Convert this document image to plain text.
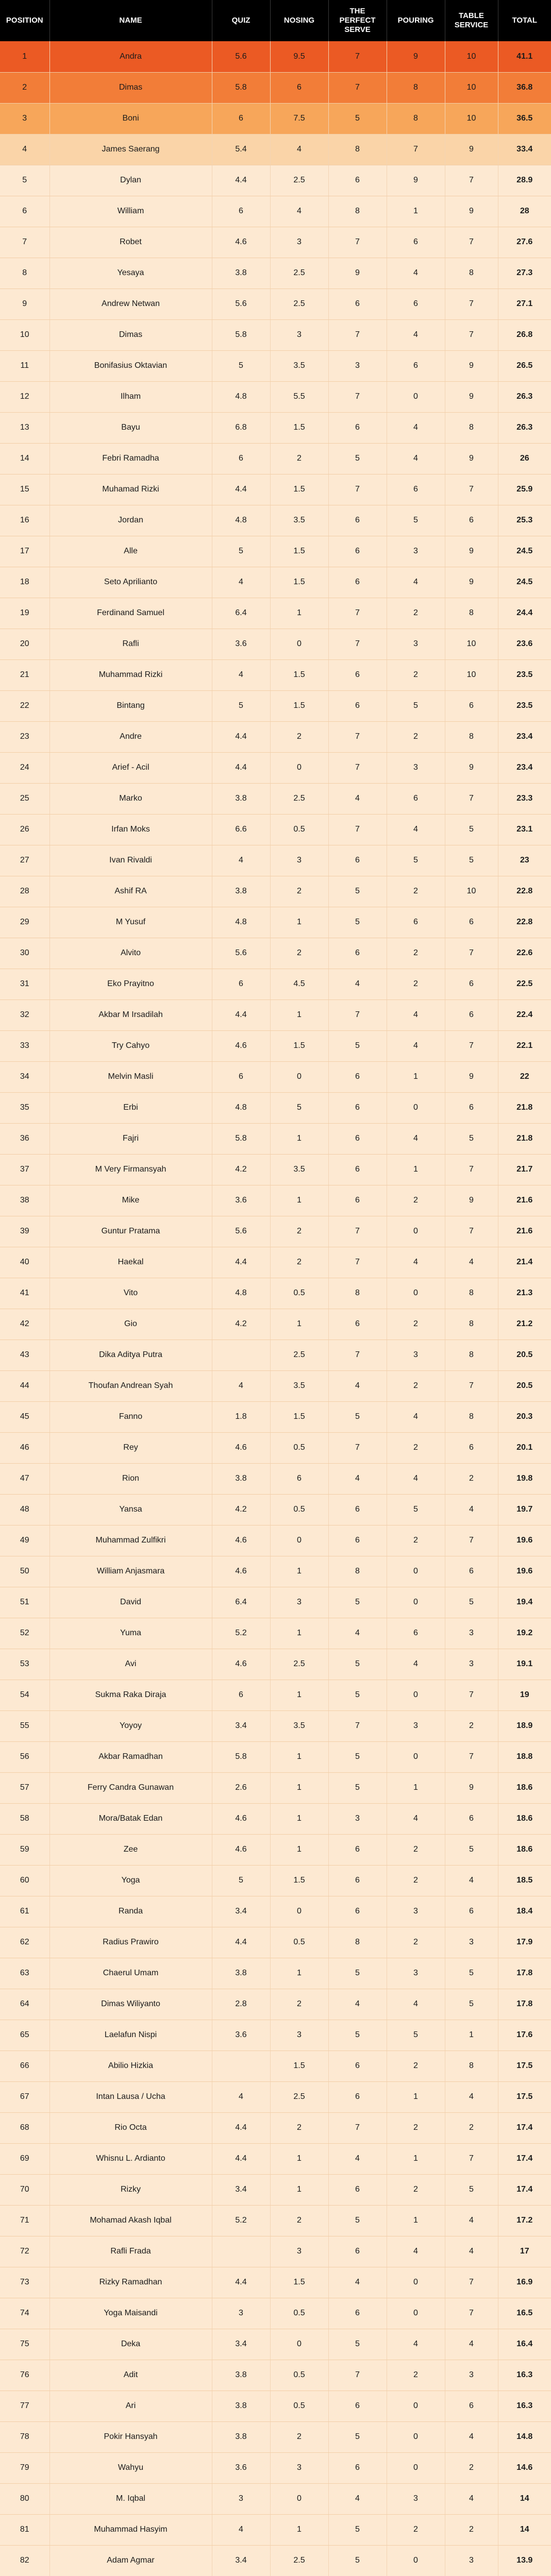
POSITION	NAME	QUIZ	NOSING	THE PERFECT SERVE	POURING	TABLE SERVICE	TOTAL
1	Andra	5.6	9.5	7	9	10	41.1
2	Dimas	5.8	6	7	8	10	36.8
3	Boni	6	7.5	5	8	10	36.5
4	James Saerang	5.4	4	8	7	9	33.4
5	Dylan	4.4	2.5	6	9	7	28.9
6	William	6	4	8	1	9	28
7	Robet	4.6	3	7	6	7	27.6
8	Yesaya	3.8	2.5	9	4	8	27.3
9	Andrew Netwan	5.6	2.5	6	6	7	27.1
10	Dimas	5.8	3	7	4	7	26.8
11	Bonifasius Oktavian	5	3.5	3	6	9	26.5
12	Ilham	4.8	5.5	7	0	9	26.3
13	Bayu	6.8	1.5	6	4	8	26.3
14	Febri Ramadha	6	2	5	4	9	26
15	Muhamad Rizki	4.4	1.5	7	6	7	25.9
16	Jordan	4.8	3.5	6	5	6	25.3
17	Alle	5	1.5	6	3	9	24.5
18	Seto Aprilianto	4	1.5	6	4	9	24.5
19	Ferdinand Samuel	6.4	1	7	2	8	24.4
20	Rafli	3.6	0	7	3	10	23.6
21	Muhammad Rizki	4	1.5	6	2	10	23.5
22	Bintang	5	1.5	6	5	6	23.5
23	Andre	4.4	2	7	2	8	23.4
24	Arief - Acil	4.4	0	7	3	9	23.4
25	Marko	3.8	2.5	4	6	7	23.3
26	Irfan Moks	6.6	0.5	7	4	5	23.1
27	Ivan Rivaldi	4	3	6	5	5	23
28	Ashif RA	3.8	2	5	2	10	22.8
29	M Yusuf	4.8	1	5	6	6	22.8
30	Alvito	5.6	2	6	2	7	22.6
31	Eko Prayitno	6	4.5	4	2	6	22.5
32	Akbar M Irsadilah	4.4	1	7	4	6	22.4
33	Try Cahyo	4.6	1.5	5	4	7	22.1
34	Melvin Masli	6	0	6	1	9	22
35	Erbi	4.8	5	6	0	6	21.8
36	Fajri	5.8	1	6	4	5	21.8
37	M Very Firmansyah	4.2	3.5	6	1	7	21.7
38	Mike	3.6	1	6	2	9	21.6
39	Guntur Pratama	5.6	2	7	0	7	21.6
40	Haekal	4.4	2	7	4	4	21.4
41	Vito	4.8	0.5	8	0	8	21.3
42	Gio	4.2	1	6	2	8	21.2
43	Dika Aditya Putra		2.5	7	3	8	20.5
44	Thoufan Andrean Syah	4	3.5	4	2	7	20.5
45	Fanno	1.8	1.5	5	4	8	20.3
46	Rey	4.6	0.5	7	2	6	20.1
47	Rion	3.8	6	4	4	2	19.8
48	Yansa	4.2	0.5	6	5	4	19.7
49	Muhammad Zulfikri	4.6	0	6	2	7	19.6
50	William Anjasmara	4.6	1	8	0	6	19.6
51	David	6.4	3	5	0	5	19.4
52	Yuma	5.2	1	4	6	3	19.2
53	Avi	4.6	2.5	5	4	3	19.1
54	Sukma Raka Diraja	6	1	5	0	7	19
55	Yoyoy	3.4	3.5	7	3	2	18.9
56	Akbar Ramadhan	5.8	1	5	0	7	18.8
57	Ferry Candra Gunawan	2.6	1	5	1	9	18.6
58	Mora/Batak Edan	4.6	1	3	4	6	18.6
59	Zee	4.6	1	6	2	5	18.6
60	Yoga	5	1.5	6	2	4	18.5
61	Randa	3.4	0	6	3	6	18.4
62	Radius Prawiro	4.4	0.5	8	2	3	17.9
63	Chaerul Umam	3.8	1	5	3	5	17.8
64	Dimas Wiliyanto	2.8	2	4	4	5	17.8
65	Laelafun Nispi	3.6	3	5	5	1	17.6
66	Abilio Hizkia		1.5	6	2	8	17.5
67	Intan Lausa / Ucha	4	2.5	6	1	4	17.5
68	Rio Octa	4.4	2	7	2	2	17.4
69	Whisnu L. Ardianto	4.4	1	4	1	7	17.4
70	Rizky	3.4	1	6	2	5	17.4
71	Mohamad Akash Iqbal	5.2	2	5	1	4	17.2
72	Rafli Frada		3	6	4	4	17
73	Rizky Ramadhan	4.4	1.5	4	0	7	16.9
74	Yoga Maisandi	3	0.5	6	0	7	16.5
75	Deka	3.4	0	5	4	4	16.4
76	Adit	3.8	0.5	7	2	3	16.3
77	Ari	3.8	0.5	6	0	6	16.3
78	Pokir Hansyah	3.8	2	5	0	4	14.8
79	Wahyu	3.6	3	6	0	2	14.6
80	M. Iqbal	3	0	4	3	4	14
81	Muhammad Hasyim	4	1	5	2	2	14
82	Adam Agmar	3.4	2.5	5	0	3	13.9
